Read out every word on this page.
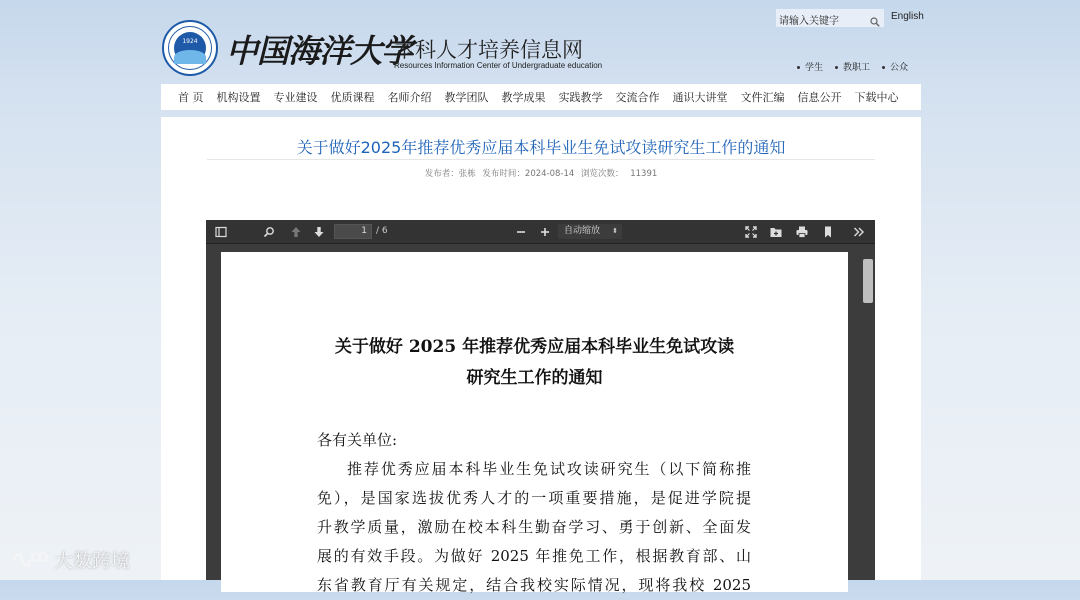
1924 中国海洋大学
本科人才培养信息网
Resources Information Center of Undergraduate education
请输入关键字	English
学生	教职工	公众
首 页 机构设置 专业建设 优质课程 名师介绍 教学团队 教学成果 实践教学 交流合作 通识大讲堂 文件汇编 信息公开 下载中心
关于做好2025年推荐优秀应届本科毕业生免试攻读研究生工作的通知
发布者：张栋 发布时间：2024-08-14 浏览次数： 11391
1	/ 6	自动缩放 ⬍
关于做好 2025 年推荐优秀应届本科毕业生免试攻读
研究生工作的通知

各有关单位:

推荐优秀应届本科毕业生免试攻读研究生（以下简称推

免），是国家选拔优秀人才的一项重要措施，是促进学院提

升教学质量，激励在校本科生勤奋学习、勇于创新、全面发

展的有效手段。为做好 2025 年推免工作，根据教育部、山

东省教育厅有关规定，结合我校实际情况，现将我校 2025

大数跨境
